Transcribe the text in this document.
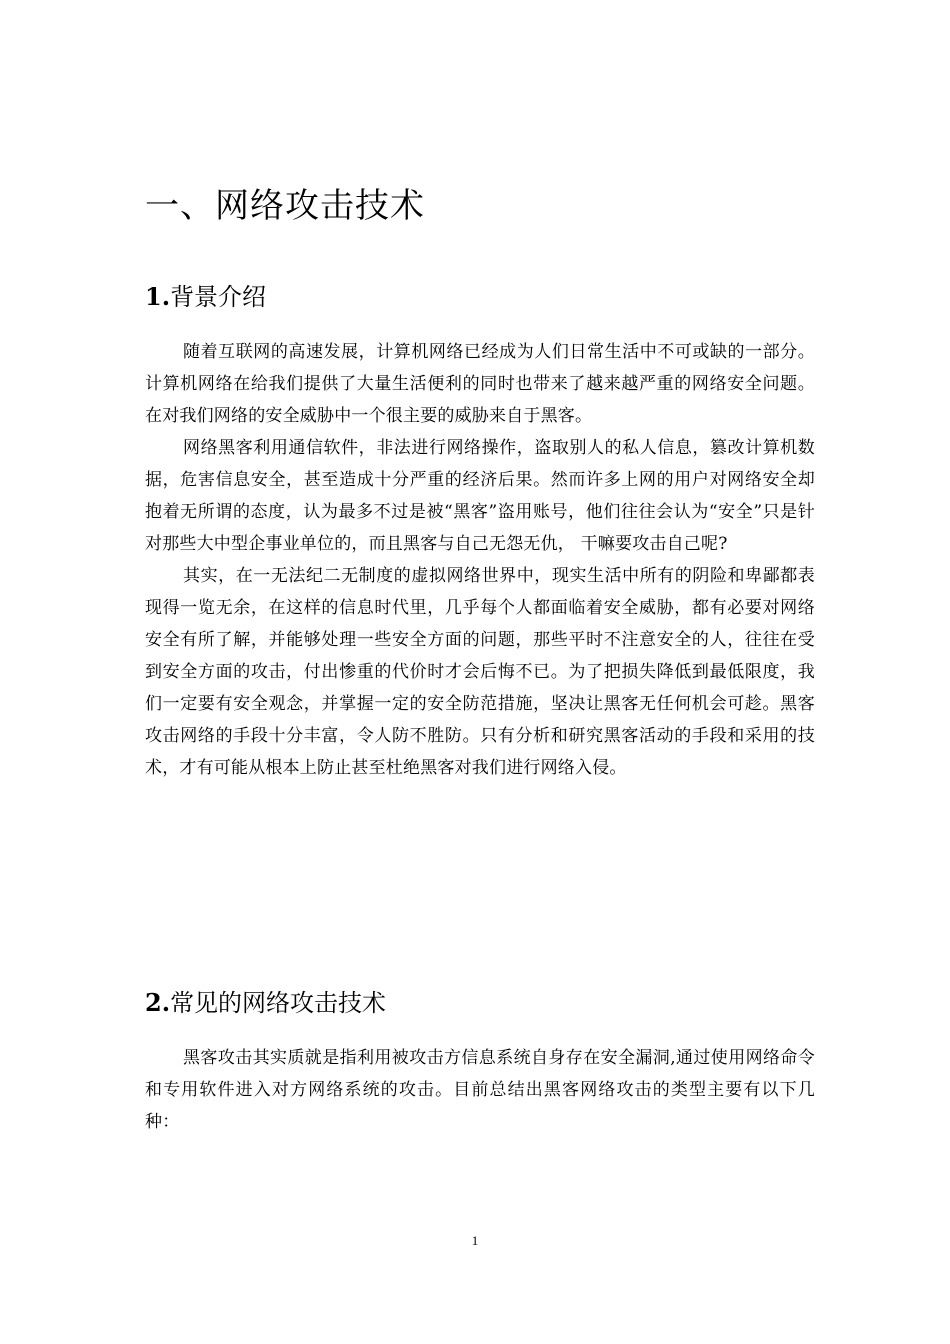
一、网络攻击技术
1.背景介绍

随着互联网的高速发展，计算机网络已经成为人们日常生活中不可或缺的一部分。计算机网络在给我们提供了大量生活便利的同时也带来了越来越严重的网络安全问题。在对我们网络的安全威胁中一个很主要的威胁来自于黑客。

网络黑客利用通信软件，非法进行网络操作，盗取别人的私人信息，篡改计算机数据，危害信息安全，甚至造成十分严重的经济后果。然而许多上网的用户对网络安全却抱着无所谓的态度，认为最多不过是被“黑客”盗用账号，他们往往会认为“安全”只是针对那些大中型企事业单位的，而且黑客与自己无怨无仇， 干嘛要攻击自己呢?

其实，在一无法纪二无制度的虚拟网络世界中，现实生活中所有的阴险和卑鄙都表现得一览无余，在这样的信息时代里，几乎每个人都面临着安全威胁，都有必要对网络安全有所了解，并能够处理一些安全方面的问题，那些平时不注意安全的人，往往在受到安全方面的攻击，付出惨重的代价时才会后悔不已。为了把损失降低到最低限度，我们一定要有安全观念，并掌握一定的安全防范措施，坚决让黑客无任何机会可趁。黑客攻击网络的手段十分丰富，令人防不胜防。只有分析和研究黑客活动的手段和采用的技术，才有可能从根本上防止甚至杜绝黑客对我们进行网络入侵。

2.常见的网络攻击技术

黑客攻击其实质就是指利用被攻击方信息系统自身存在安全漏洞,通过使用网络命令和专用软件进入对方网络系统的攻击。目前总结出黑客网络攻击的类型主要有以下几种：

1
